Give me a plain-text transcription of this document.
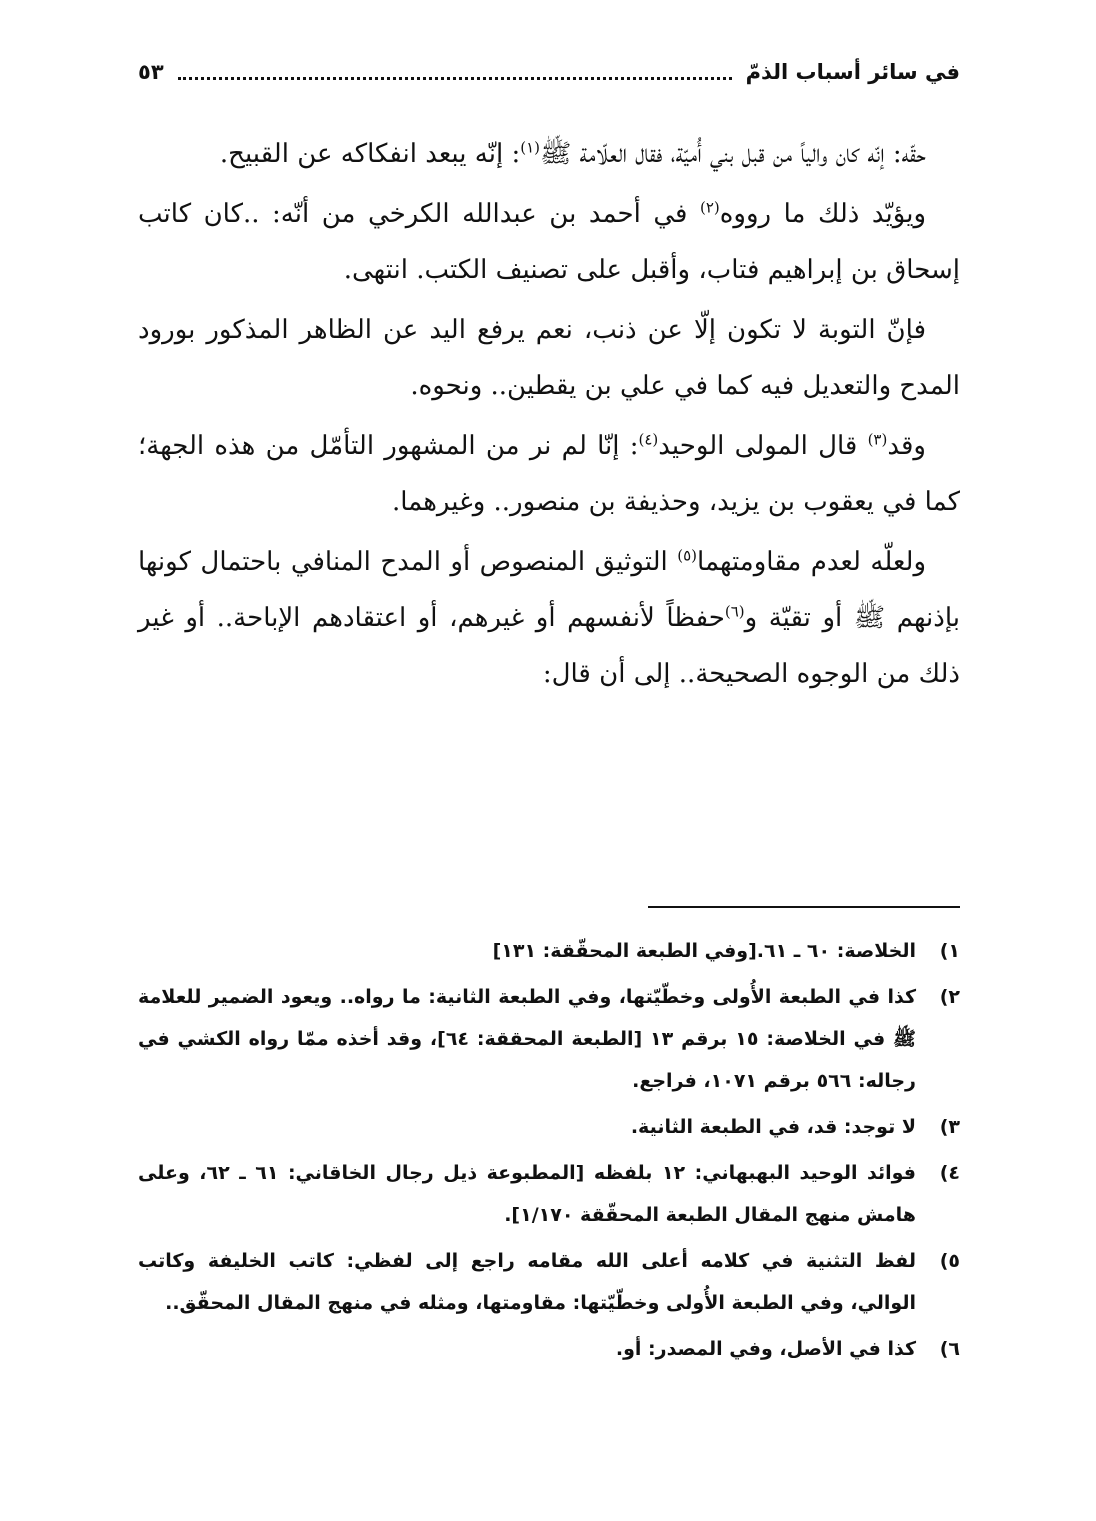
في سائر أسباب الذمّ
٥٣

حقّه: إنّه كان والياً من قبل بني أُميّة، فقال العلّامة ﷺ$^{(١)}$: إنّه يبعد انفكاكه عن القبيح.

ويؤيّد ذلك ما رووه$^{(٢)}$ في أحمد بن عبدالله الكرخي من أنّه: ..كان كاتب إسحاق بن إبراهيم فتاب، وأقبل على تصنيف الكتب. انتهى.

فإنّ التوبة لا تكون إلّا عن ذنب، نعم يرفع اليد عن الظاهر المذكور بورود المدح والتعديل فيه كما في علي بن يقطين.. ونحوه.

وقد$^{(٣)}$ قال المولى الوحيد$^{(٤)}$: إنّا لم نر من المشهور التأمّل من هذه الجهة؛ كما في يعقوب بن يزيد، وحذيفة بن منصور.. وغيرهما.

ولعلّه لعدم مقاومتهما$^{(٥)}$ التوثيق المنصوص أو المدح المنافي باحتمال كونها بإذنهم ﷺ أو تقيّة و$^{(٦)}$حفظاً لأنفسهم أو غيرهم، أو اعتقادهم الإباحة.. أو غير ذلك من الوجوه الصحيحة.. إلى أن قال:

١)
الخلاصة: ٦٠ ـ ٦١.[وفي الطبعة المحقّقة: ١٣١]
٢)
كذا في الطبعة الأُولى وخطّيّتها، وفي الطبعة الثانية: ما رواه.. ويعود الضمير للعلامة ﷺ في الخلاصة: ١٥ برقم ١٣ [الطبعة المحققة: ٦٤]، وقد أخذه ممّا رواه الكشي في رجاله: ٥٦٦ برقم ١٠٧١، فراجع.
٣)
لا توجد: قد، في الطبعة الثانية.
٤)
فوائد الوحيد البهبهاني: ١٢ بلفظه [المطبوعة ذيل رجال الخاقاني: ٦١ ـ ٦٢، وعلى هامش منهج المقال الطبعة المحقّقة ١/١٧٠].
٥)
لفظ التثنية في كلامه أعلى الله مقامه راجع إلى لفظي: كاتب الخليفة وكاتب الوالي، وفي الطبعة الأُولى وخطّيّتها: مقاومتها، ومثله في منهج المقال المحقّق..
٦)
كذا في الأصل، وفي المصدر: أو.
